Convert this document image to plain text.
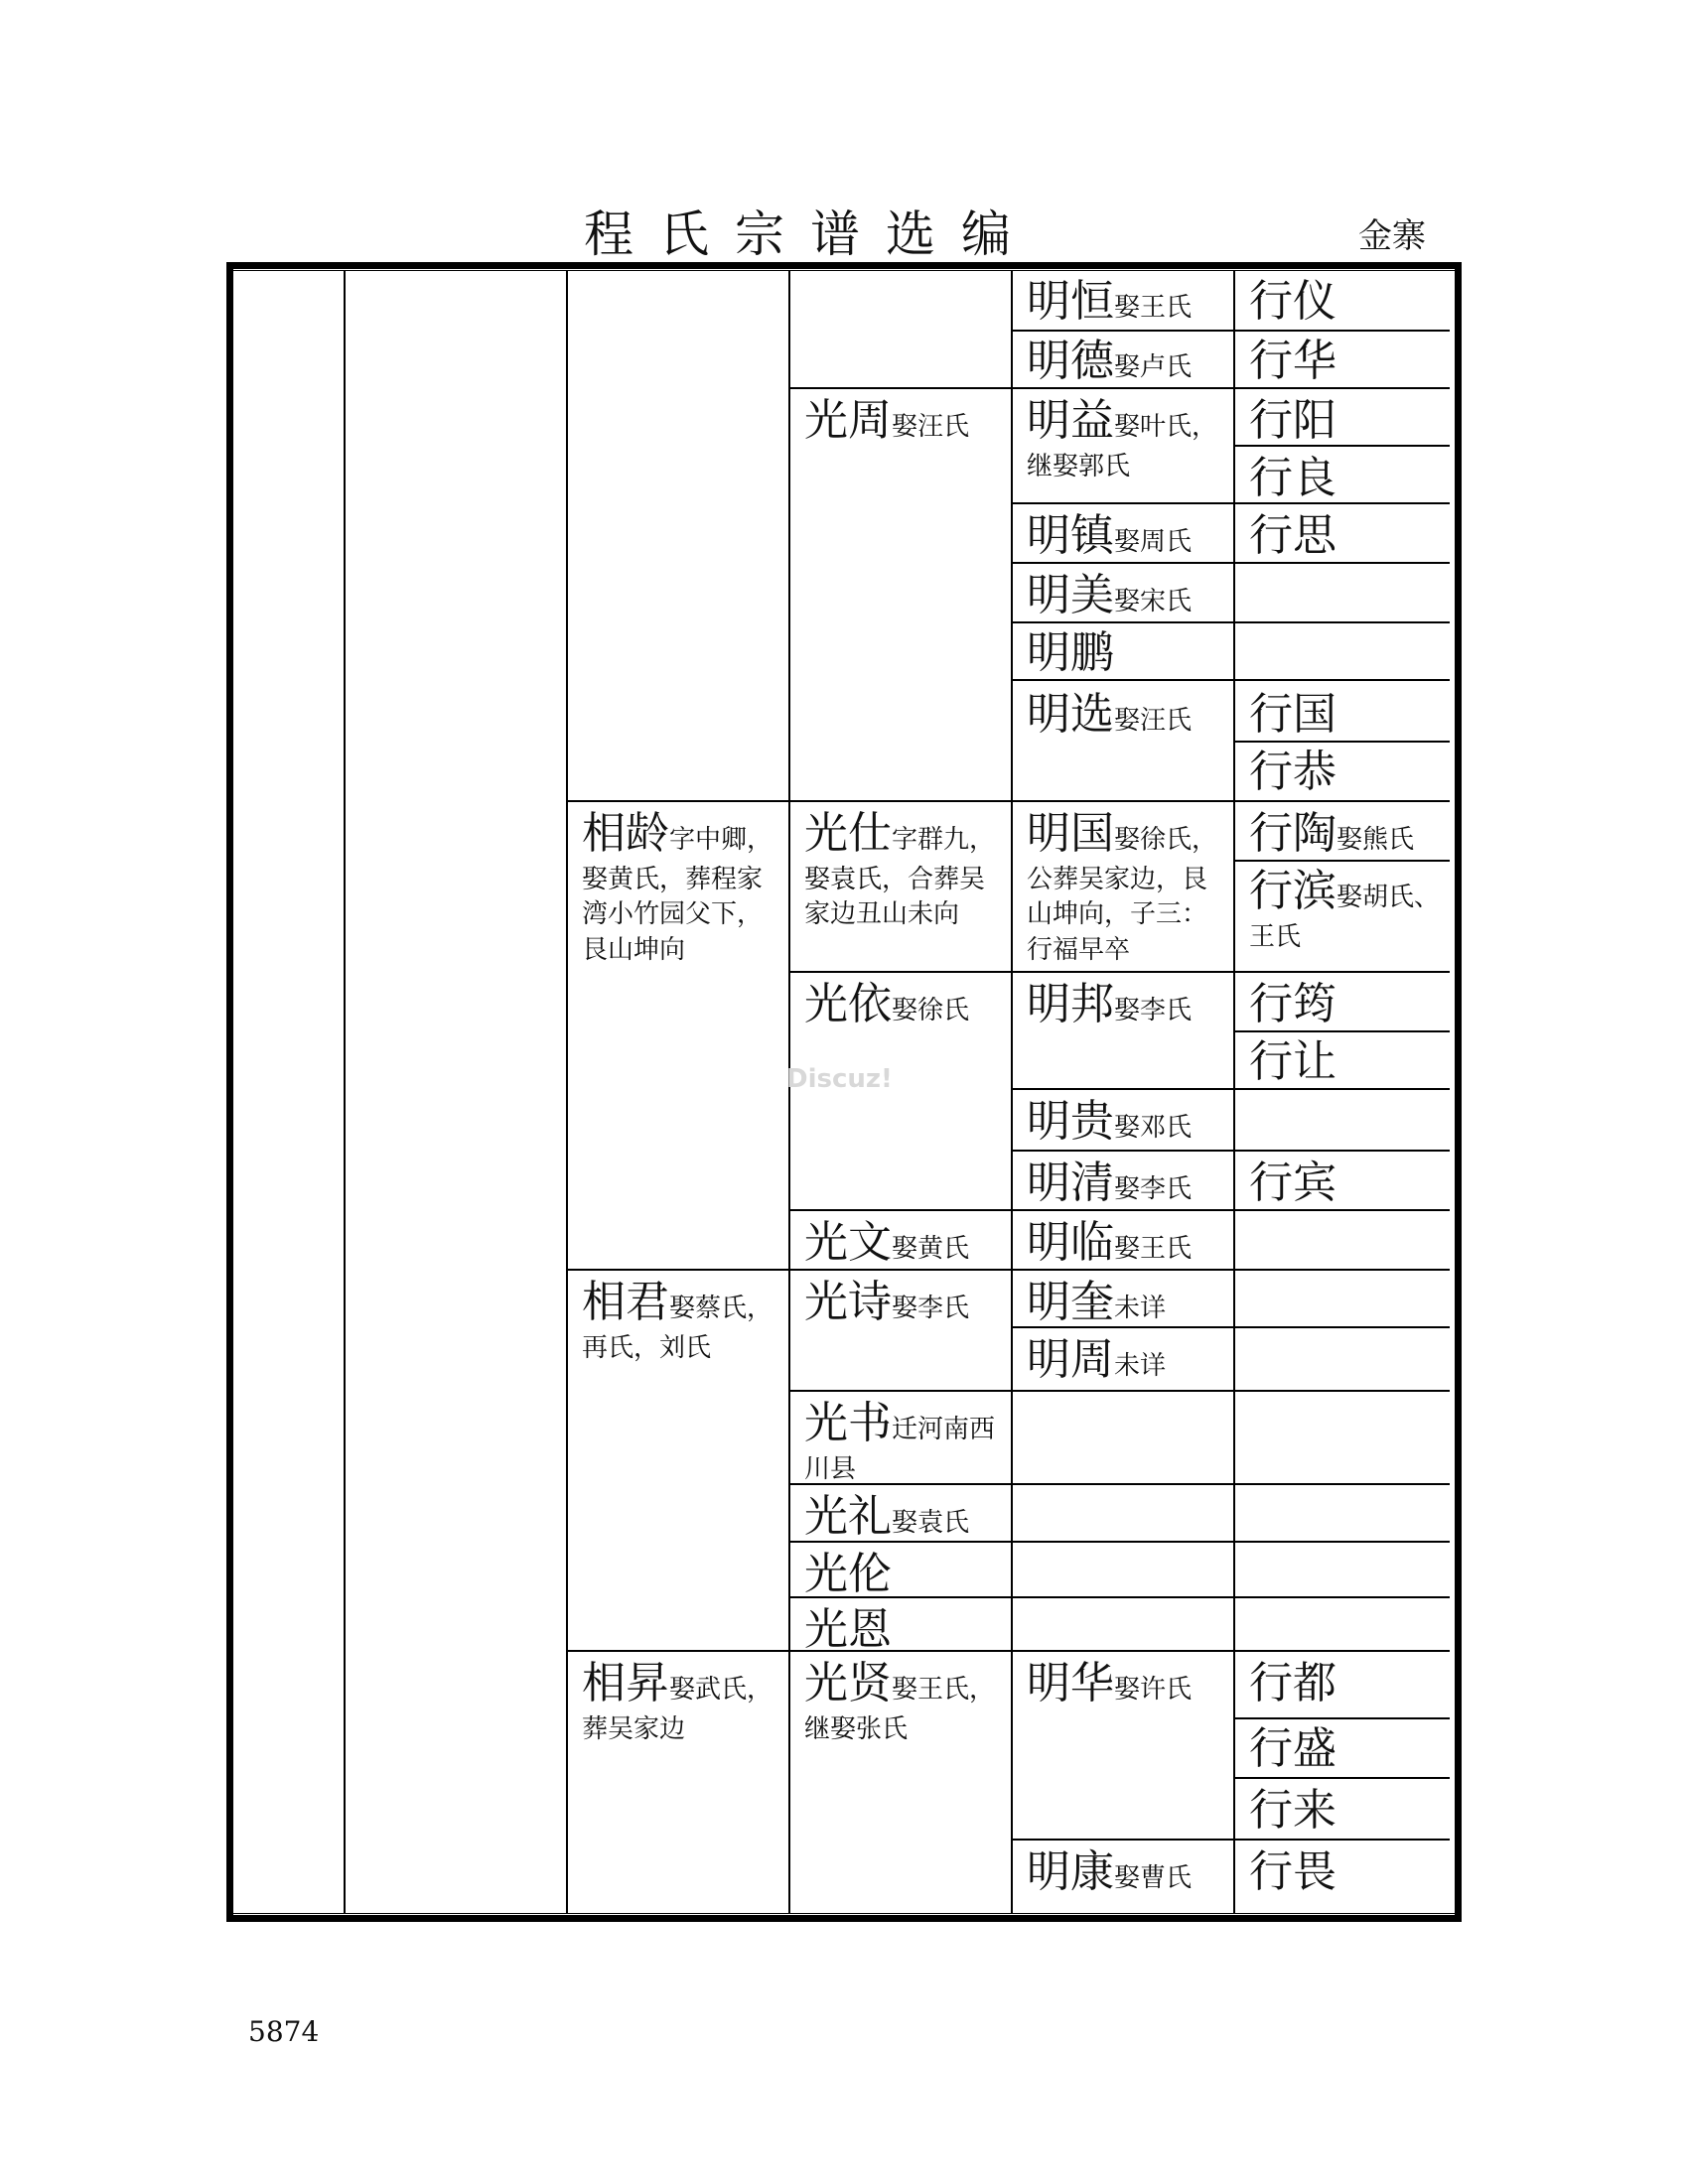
程氏宗谱选编	金寨
相龄字中卿，娶黄氏，葬程家湾小竹园父下，艮山坤向
相君娶蔡氏，再氏，刘氏
相昇娶武氏，葬吴家边
光周娶汪氏
光仕字群九，娶袁氏，合葬吴家边丑山未向
光依娶徐氏
光文娶黄氏
光诗娶李氏
光书迁河南西川县
光礼娶袁氏
光伦
光恩
光贤娶王氏，继娶张氏
明恒娶王氏
明德娶卢氏
明益娶叶氏，继娶郭氏
明镇娶周氏
明美娶宋氏
明鹏
明选娶汪氏
明国娶徐氏，公葬吴家边，艮山坤向，子三：行福早卒
明邦娶李氏
明贵娶邓氏
明清娶李氏
明临娶王氏
明奎未详
明周未详
明华娶许氏
明康娶曹氏
行仪
行华
行阳
行良
行思
行国
行恭
行陶娶熊氏
行滨娶胡氏、王氏
行筠
行让
行宾
行都
行盛
行来
行畏
Discuz!
5874
